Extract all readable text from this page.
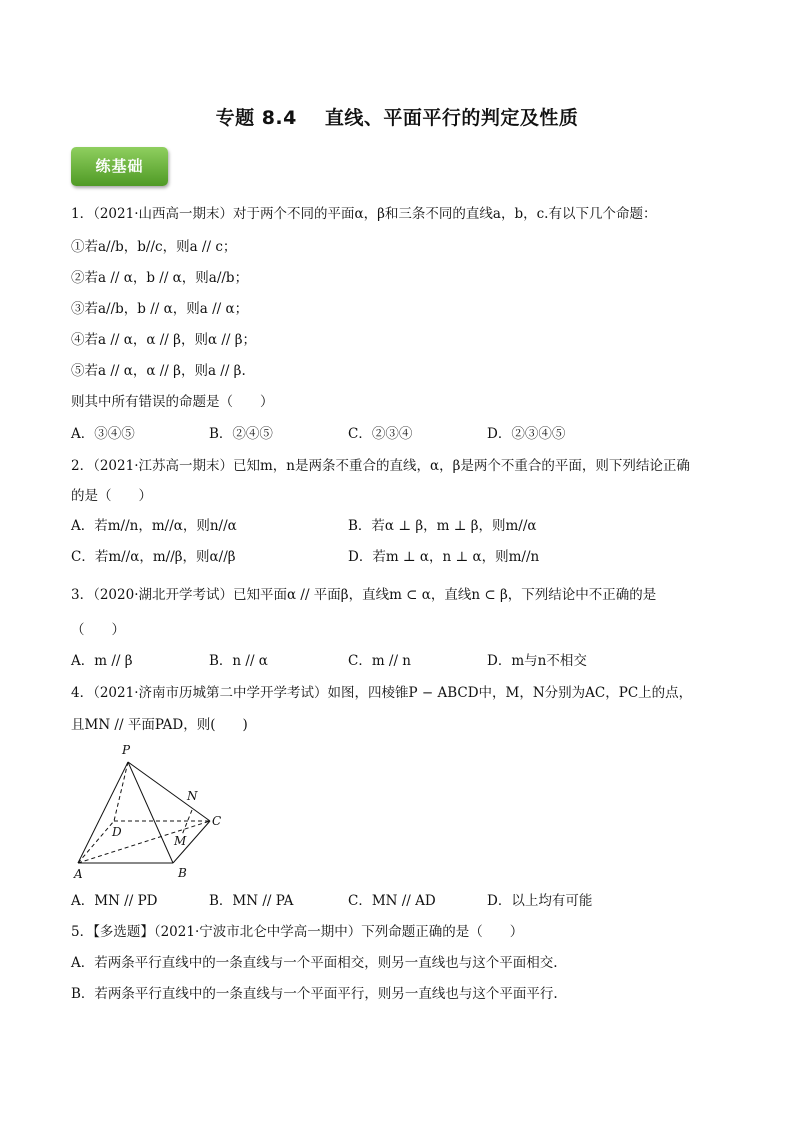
专题 8.4 直线、平面平行的判定及性质
练基础
1．（2021·山西高一期末）对于两个不同的平面α，β和三条不同的直线a，b，c.有以下几个命题：
①若a//b，b//c，则a // c；
②若a // α，b // α，则a//b；
③若a//b，b // α，则a // α；
④若a // α，α // β，则α // β；
⑤若a // α，α // β，则a // β.
则其中所有错误的命题是（　　）
A．③④⑤	B．②④⑤	C．②③④	D．②③④⑤
2．（2021·江苏高一期末）已知m，n是两条不重合的直线，α，β是两个不重合的平面，则下列结论正确
的是（　　）
A．若m//n，m//α，则n//α	B．若α ⊥ β，m ⊥ β，则m//α
C．若m//α，m//β，则α//β	D．若m ⊥ α，n ⊥ α，则m//n
3．（2020·湖北开学考试）已知平面α // 平面β，直线m ⊂ α，直线n ⊂ β，下列结论中不正确的是
（　　）
A．m // β	B．n // α	C．m // n	D．m与n不相交
4．（2021·济南市历城第二中学开学考试）如图，四棱锥P − ABCD中，M，N分别为AC，PC上的点，
且MN // 平面PAD，则(　　)
P
N
C
D
M
A	B
A．MN // PD	B．MN // PA	C．MN // AD	D．以上均有可能
5．【多选题】（2021·宁波市北仑中学高一期中）下列命题正确的是（　　）
A．若两条平行直线中的一条直线与一个平面相交，则另一直线也与这个平面相交.
B．若两条平行直线中的一条直线与一个平面平行，则另一直线也与这个平面平行.
